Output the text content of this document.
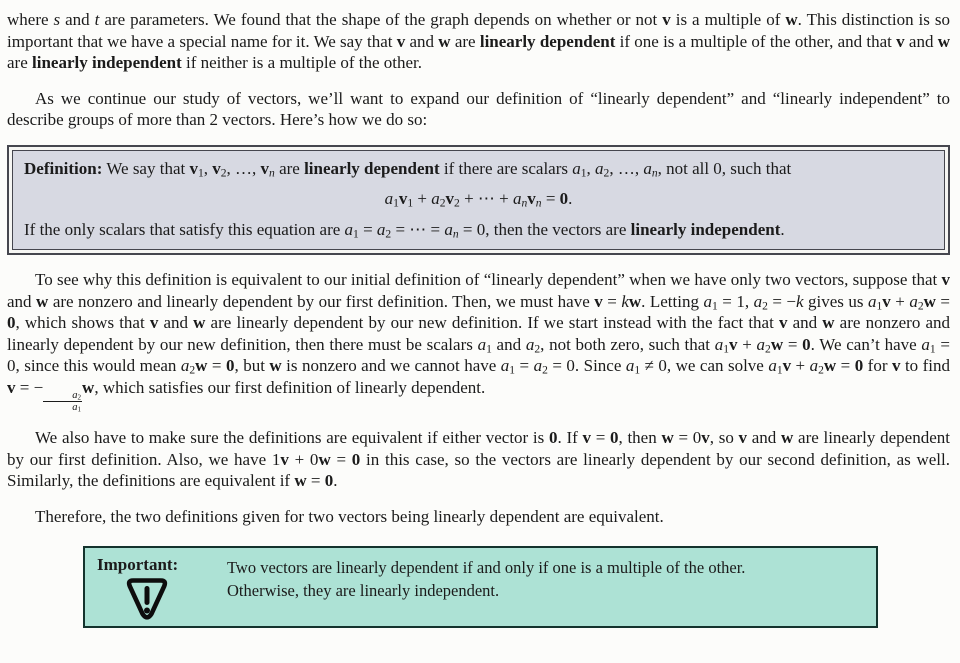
where s and t are parameters. We found that the shape of the graph depends on whether or not v is a multiple of w. This distinction is so important that we have a special name for it. We say that v and w are linearly dependent if one is a multiple of the other, and that v and w are linearly independent if neither is a multiple of the other.

As we continue our study of vectors, we’ll want to expand our definition of “linearly dependent” and “linearly independent” to describe groups of more than 2 vectors. Here’s how we do so:

Definition: We say that $v_1$, $v_2$, …, $v_n$ are linearly dependent if there are scalars $a_1$, $a_2$, …, $a_n$, not all 0, such that

$a_1v_1 + a_2v_2$ + ⋯ + $a_nv_n = 0$.

If the only scalars that satisfy this equation are $a_1 = a_2$ = ⋯ = $a_n = 0$, then the vectors are linearly independent.

To see why this definition is equivalent to our initial definition of “linearly dependent” when we have only two vectors, suppose that v and w are nonzero and linearly dependent by our first definition. Then, we must have v = kw. Letting $a_1 = 1$, $a_2 = -k$ gives us $a_1v + a_2w = 0$, which shows that v and w are linearly dependent by our new definition. If we start instead with the fact that v and w are nonzero and linearly dependent by our new definition, then there must be scalars $a_1$ and $a_2$, not both zero, such that $a_1v + a_2w = 0$. We can’t have $a_1 = 0$, since this would mean $a_2w = 0$, but w is nonzero and we cannot have $a_1 = a_2 = 0$. Since $a_1 \ne 0$, we can solve $a_1v + a_2w = 0$ for v to find v = −
$\frac{a_2}{a_1}$
w, which satisfies our first definition of linearly dependent.

We also have to make sure the definitions are equivalent if either vector is 0. If v = 0, then w = 0v, so v and w are linearly dependent by our first definition. Also, we have 1v + 0w = 0 in this case, so the vectors are linearly dependent by our second definition, as well. Similarly, the definitions are equivalent if w = 0.

Therefore, the two definitions given for two vectors being linearly dependent are equivalent.

Important:	Two vectors are linearly dependent if and only if one is a multiple of the other.
Otherwise, they are linearly independent.
